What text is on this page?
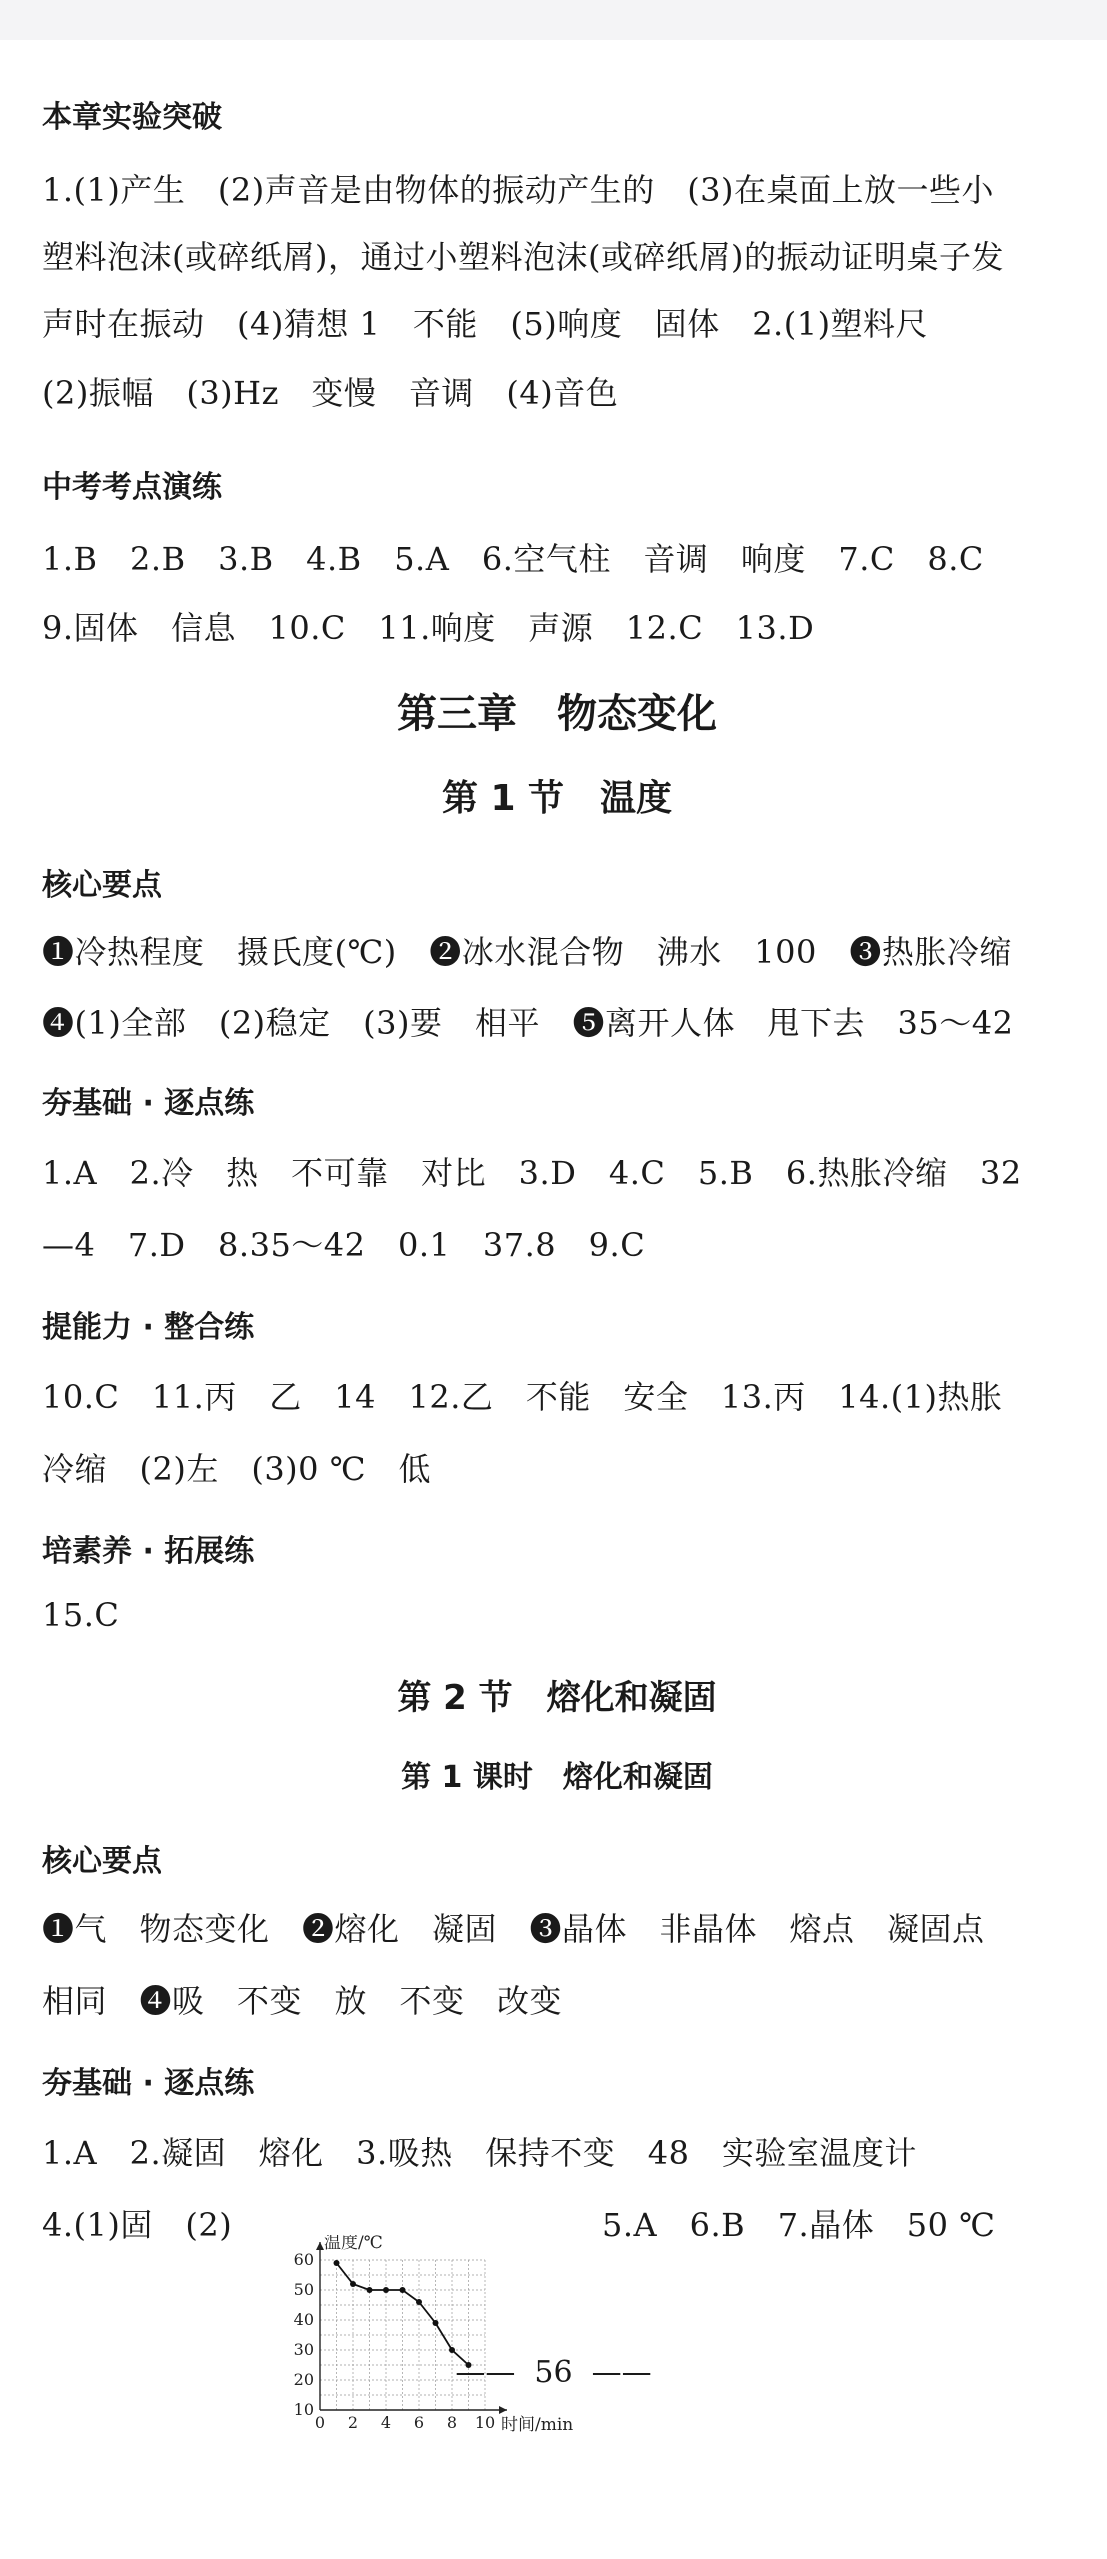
本章实验突破
1.(1)产生　(2)声音是由物体的振动产生的　(3)在桌面上放一些小
塑料泡沫(或碎纸屑)，通过小塑料泡沫(或碎纸屑)的振动证明桌子发
声时在振动　(4)猜想 1　不能　(5)响度　固体　2.(1)塑料尺
(2)振幅　(3)Hz　变慢　音调　(4)音色
中考考点演练
1.B　2.B　3.B　4.B　5.A　6.空气柱　音调　响度　7.C　8.C
9.固体　信息　10.C　11.响度　声源　12.C　13.D
第三章　物态变化
第 1 节　温度
核心要点
❶冷热程度　摄氏度(℃)　❷冰水混合物　沸水　100　❸热胀冷缩
❹(1)全部　(2)稳定　(3)要　相平　❺离开人体　甩下去　35～42
夯基础 · 逐点练
1.A　2.冷　热　不可靠　对比　3.D　4.C　5.B　6.热胀冷缩　32
—4　7.D　8.35～42　0.1　37.8　9.C
提能力 · 整合练
10.C　11.丙　乙　14　12.乙　不能　安全　13.丙　14.(1)热胀
冷缩　(2)左　(3)0 ℃　低
培素养 · 拓展练
15.C
第 2 节　熔化和凝固
第 1 课时　熔化和凝固
核心要点
❶气　物态变化　❷熔化　凝固　❸晶体　非晶体　熔点　凝固点
相同　❹吸　不变　放　不变　改变
夯基础 · 逐点练
1.A　2.凝固　熔化　3.吸热　保持不变　48　实验室温度计
4.(1)固　(2)	5.A　6.B　7.晶体　50 ℃
0 2 4 6 8 10
10
20
30
40
50
60
温度/℃
时间/min
—— 56 ——
